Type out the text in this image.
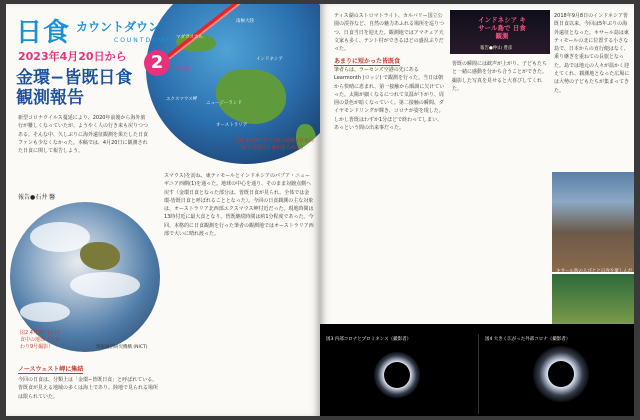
南極大陸
マダガスカル
インドネシア
エクスマウス岬
ニュージーランド
オーストラリア
日食 カウントダウン
COUNTDOWN
2023年4月20日から	2	か月
金環−皆既日食観測報告
新型コロナウイルス蔓延により、2020年前後から海外旅行が難しくなっていたが、ようやく人の行き来も戻りつつある。そんな中、久しぶりに海外遠征観測を果たした日食ファンも少なくなかった。本稿では、4月20日に観測された日食に関して報告しよう。
報告●石井 馨
図1 4月20日の日食の経路 (日本の一部では部分日食が見られた)
スマウス)を訪ね、東ティモールとインドネシアのパプア・ニューギニア西側(1)を通った。地球の中心を通り、そのまま対蹠点側へ戻す（金環日食となった部分は、皆既日食が見られ。全体では金環-皆既日食と呼ばれることとなった）。今回の日食観測の主な対象は、オーストラリア北西部エクスマウス岬付近だった。現地時間は13時付近に最大食となり、皆既継続時間は約1分程度であった。今回、本格的に日食観測を行った筆者の観測地ではオーストラリア西部で大いに晴れ渡った。
図2 4月20日の日食中の地球（ひまわり9号撮影）	情報通信研究機構 (NICT)
ノースウェスト岬に集結
今回の日食は、分類上は「金環−皆既日食」と呼ばれている。皆既食が見える地域の多くは海上であり、陸地で見られる場所は限られていた。
ティス湖のストロマトライト、カルバリー国立公園の渓谷など、自然の魅力あふれる場所を巡りつつ、日食当日を迎えた。観測地ではアマチュア天文家も多く、テント村ができるほどの盛況ぶりだった。
あまりに短かった皆既食
筆者らは、ラーセンズ空港の先にある Learmonth (ロッジ) で観測を行った。当日は朝から快晴に恵まれ、第一接触から順調に欠けていった。太陽が細くなるにつれて気温が下がり、周囲の景色が暗くなっていく。第二接触の瞬間、ダイヤモンドリングが輝き、コロナが姿を現した。しかし皆既はわずか1分ほどで終わってしまい、あっという間の出来事だった。
インドネシア キサール島で 日食観測
報告●仲山 豊彦
2018年9月8日のインドネシア皆既日食以来、今回は5年ぶりの海外遠征となった。キサール島は東ティモールの北に位置する小さな島で、日本からの直行便はなく、乗り継ぎを重ねての長旅となった。島では地元の人々が温かく迎えてくれ、観測地となった広場には大勢の子どもたちが集まってきた。
皆既の瞬間には歓声が上がり、子どもたちと一緒に感動を分かち合うことができた。撮影した写真を見せると大喜びしてくれた。
キサール島の人びとと日食を楽しんだ
図3 内部コロナとプロミネンス（撮影者）	図4 大きく広がった外部コロナ（撮影者）
